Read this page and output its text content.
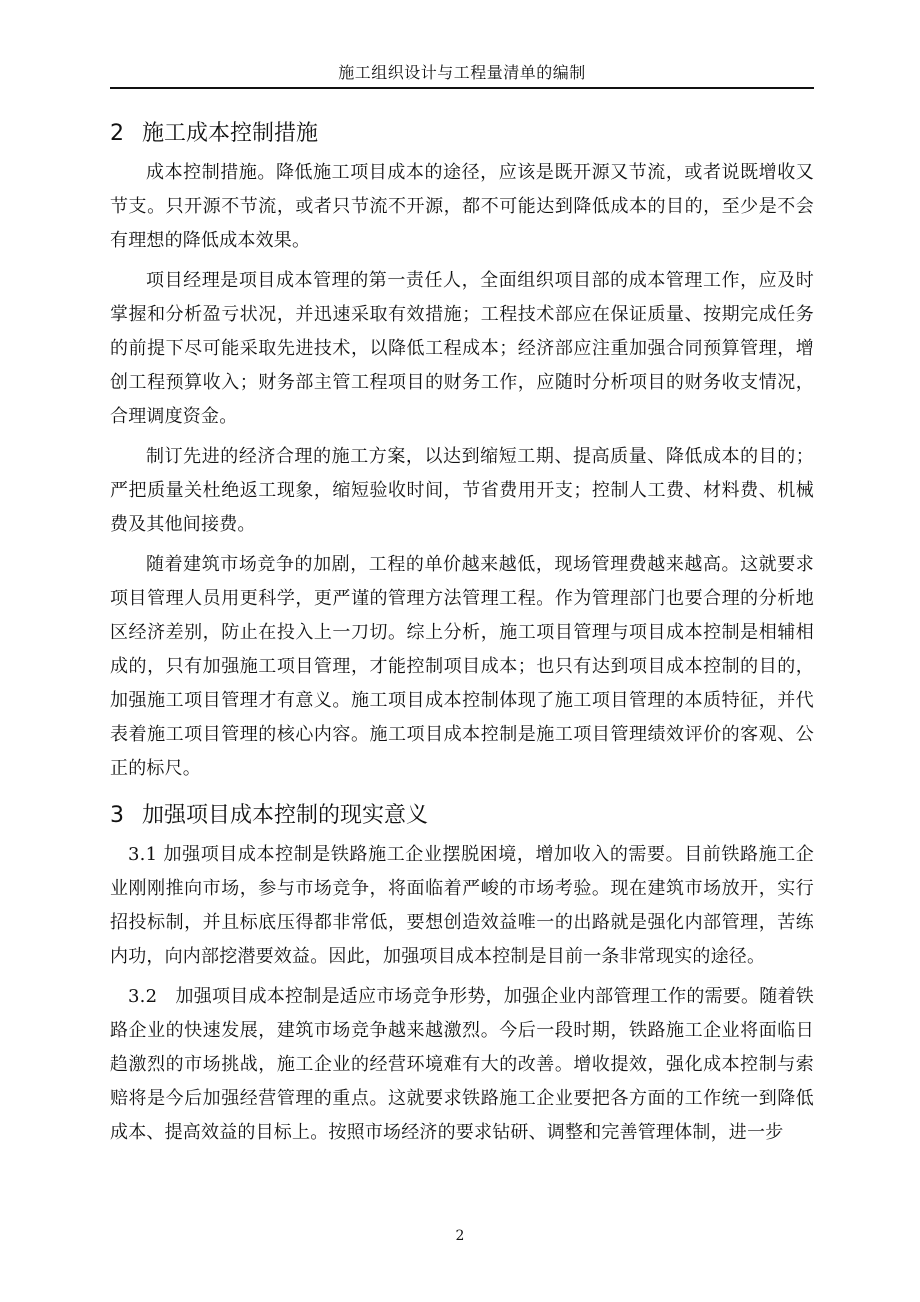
施工组织设计与工程量清单的编制
2 施工成本控制措施

成本控制措施。降低施工项目成本的途径，应该是既开源又节流，或者说既增收又节支。只开源不节流，或者只节流不开源，都不可能达到降低成本的目的，至少是不会有理想的降低成本效果。

项目经理是项目成本管理的第一责任人，全面组织项目部的成本管理工作，应及时掌握和分析盈亏状况，并迅速采取有效措施；工程技术部应在保证质量、按期完成任务的前提下尽可能采取先进技术，以降低工程成本；经济部应注重加强合同预算管理，增创工程预算收入；财务部主管工程项目的财务工作，应随时分析项目的财务收支情况，合理调度资金。

制订先进的经济合理的施工方案，以达到缩短工期、提高质量、降低成本的目的；严把质量关杜绝返工现象，缩短验收时间，节省费用开支；控制人工费、材料费、机械费及其他间接费。

随着建筑市场竞争的加剧，工程的单价越来越低，现场管理费越来越高。这就要求项目管理人员用更科学，更严谨的管理方法管理工程。作为管理部门也要合理的分析地区经济差别，防止在投入上一刀切。综上分析，施工项目管理与项目成本控制是相辅相成的，只有加强施工项目管理，才能控制项目成本；也只有达到项目成本控制的目的，加强施工项目管理才有意义。施工项目成本控制体现了施工项目管理的本质特征，并代表着施工项目管理的核心内容。施工项目成本控制是施工项目管理绩效评价的客观、公正的标尺。

3 加强项目成本控制的现实意义

3.1 加强项目成本控制是铁路施工企业摆脱困境，增加收入的需要。目前铁路施工企业刚刚推向市场，参与市场竞争，将面临着严峻的市场考验。现在建筑市场放开，实行招投标制，并且标底压得都非常低，要想创造效益唯一的出路就是强化内部管理，苦练内功，向内部挖潜要效益。因此，加强项目成本控制是目前一条非常现实的途径。

3.2　加强项目成本控制是适应市场竞争形势，加强企业内部管理工作的需要。随着铁路企业的快速发展，建筑市场竞争越来越激烈。今后一段时期，铁路施工企业将面临日趋激烈的市场挑战，施工企业的经营环境难有大的改善。增收提效，强化成本控制与索赔将是今后加强经营管理的重点。这就要求铁路施工企业要把各方面的工作统一到降低成本、提高效益的目标上。按照市场经济的要求钻研、调整和完善管理体制，进一步

2
